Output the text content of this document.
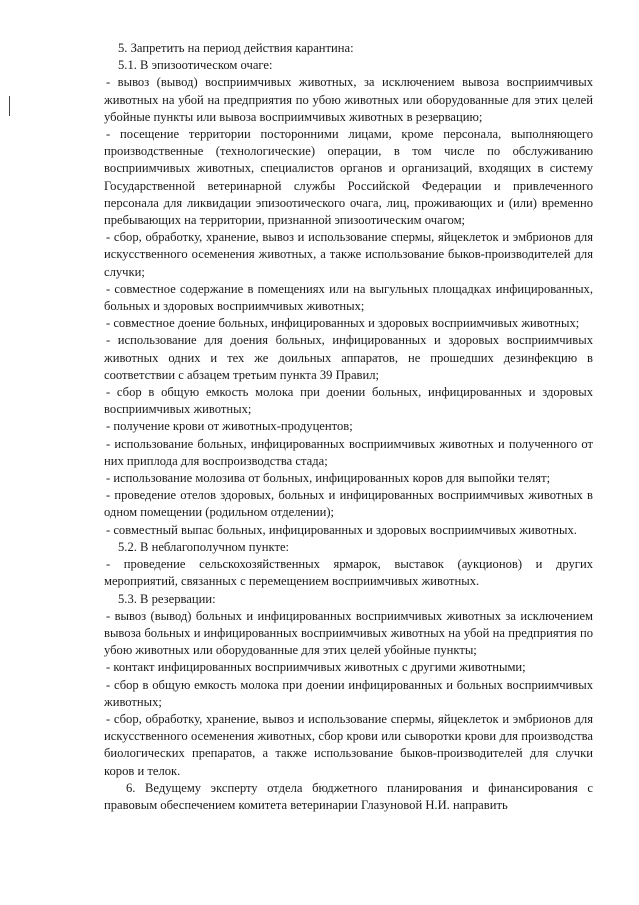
5. Запретить на период действия карантина:

5.1. В эпизоотическом очаге:

- вывоз (вывод) восприимчивых животных, за исключением вывоза восприимчивых животных на убой на предприятия по убою животных или оборудованные для этих целей убойные пункты или вывоза восприимчивых животных в резервацию;

- посещение территории посторонними лицами, кроме персонала, выполняющего производственные (технологические) операции, в том числе по обслуживанию восприимчивых животных, специалистов органов и организаций, входящих в систему Государственной ветеринарной службы Российской Федерации и привлеченного персонала для ликвидации эпизоотического очага, лиц, проживающих и (или) временно пребывающих на территории, признанной эпизоотическим очагом;

- сбор, обработку, хранение, вывоз и использование спермы, яйцеклеток и эмбрионов для искусственного осеменения животных, а также использование быков-производителей для случки;

- совместное содержание в помещениях или на выгульных площадках инфицированных, больных и здоровых восприимчивых животных;

- совместное доение больных, инфицированных и здоровых восприимчивых животных;

- использование для доения больных, инфицированных и здоровых восприимчивых животных одних и тех же доильных аппаратов, не прошедших дезинфекцию в соответствии с абзацем третьим пункта 39 Правил;

- сбор в общую емкость молока при доении больных, инфицированных и здоровых восприимчивых животных;

- получение крови от животных-продуцентов;

- использование больных, инфицированных восприимчивых животных и полученного от них приплода для воспроизводства стада;

- использование молозива от больных, инфицированных коров для выпойки телят;

- проведение отелов здоровых, больных и инфицированных восприимчивых животных в одном помещении (родильном отделении);

- совместный выпас больных, инфицированных и здоровых восприимчивых животных.

5.2. В неблагополучном пункте:

- проведение сельскохозяйственных ярмарок, выставок (аукционов) и других мероприятий, связанных с перемещением восприимчивых животных.

5.3. В резервации:

- вывоз (вывод) больных и инфицированных восприимчивых животных за исключением вывоза больных и инфицированных восприимчивых животных на убой на предприятия по убою животных или оборудованные для этих целей убойные пункты;

- контакт инфицированных восприимчивых животных с другими животными;

- сбор в общую емкость молока при доении инфицированных и больных восприимчивых животных;

- сбор, обработку, хранение, вывоз и использование спермы, яйцеклеток и эмбрионов для искусственного осеменения животных, сбор крови или сыворотки крови для производства биологических препаратов, а также использование быков-производителей для случки коров и телок.

6. Ведущему эксперту отдела бюджетного планирования и финансирования с правовым обеспечением комитета ветеринарии Глазуновой Н.И. направить
